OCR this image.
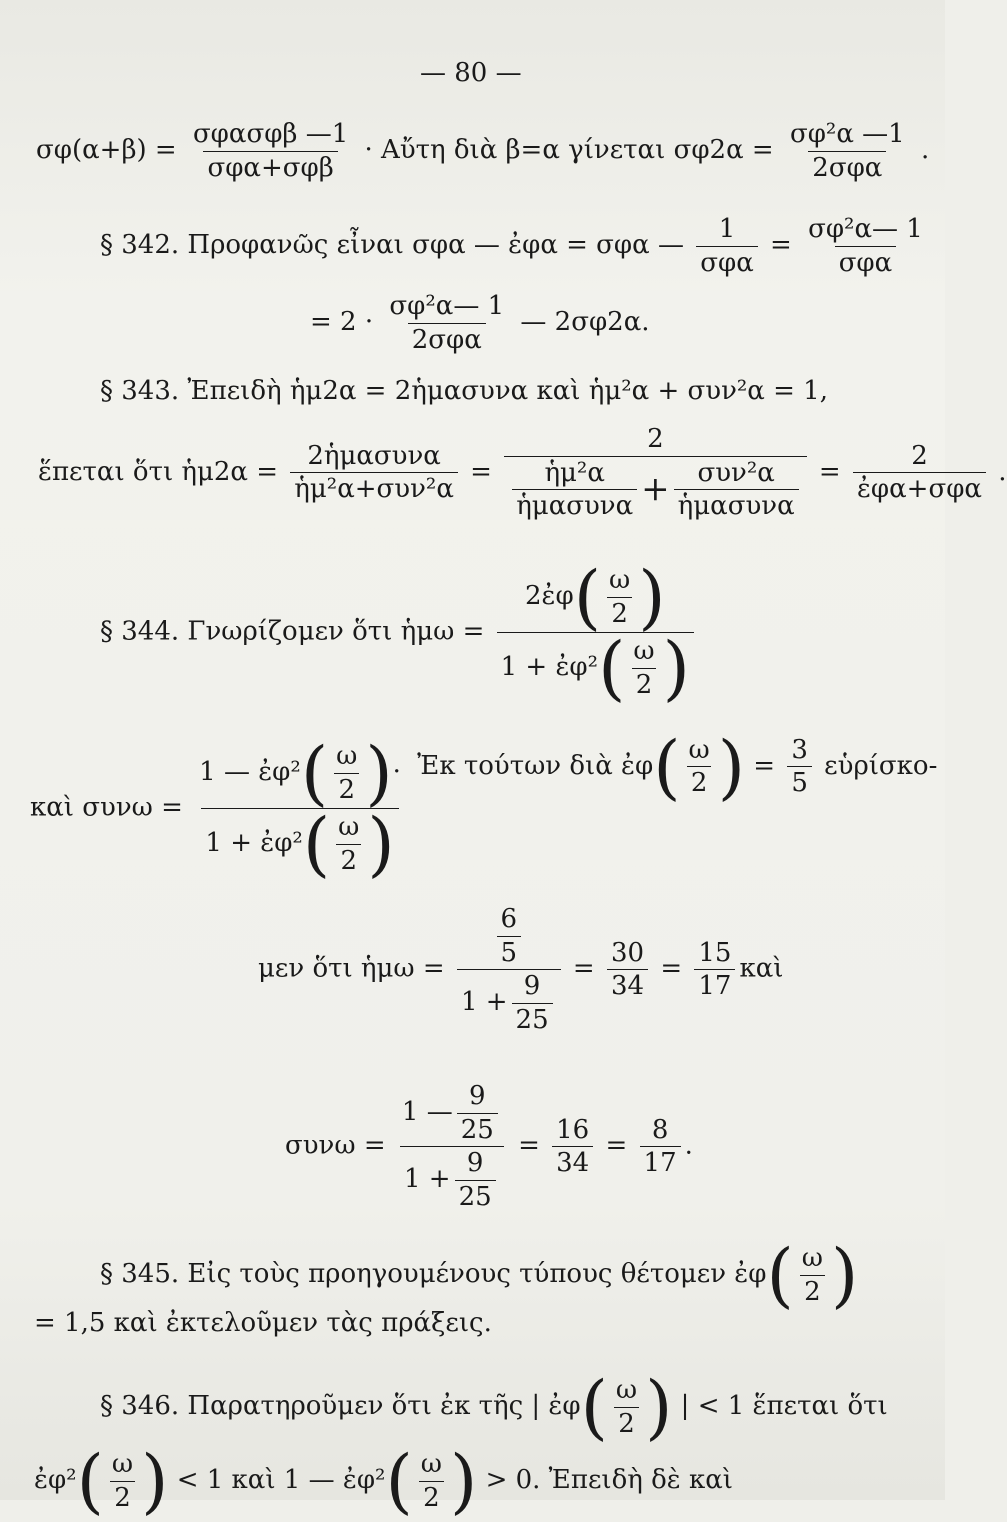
— 80 —
$\sigma\varphi(\alpha+\beta) = \frac{\text{σφασφβ —1}}{\text{σφα+σφβ}}$ · Αὔτη διὰ β=α γίνεται $\sigma\varphi 2\alpha = \frac{\text{σφ²α —1}}{\text{2σφα}}$ .
§ 342. Προφανῶς εἶναι σφα — ἐφα = σφα — $\frac{1}{\text{σφα}} = \frac{\text{σφ²α— 1}}{\text{σφα}}$
= $2 \cdot \frac{\text{σφ²α— 1}}{\text{2σφα}}$ — 2σφ2α.
§ 343. Ἐπειδὴ ἡμ2α = 2ἡμασυνα καὶ ἡμ²α + συν²α = 1,
ἕπεται ὅτι ἡμ2α = $\frac{\text{2ἡμασυνα}}{\text{ἡμ²α+συν²α}} = \frac{2}{\frac{\text{ἡμ²α}}{\text{ἡμασυνα}} + \frac{\text{συν²α}}{\text{ἡμασυνα}}} = \frac{2}{\text{ἐφα+σφα}}$ .
§ 344. Γνωρίζομεν ὅτι ἡμω = $\frac{2ἐ\varphi( \frac{\omega}{2} )}{1 + ἐ\varphi^2( \frac{\omega}{2} )}$
καὶ $\sigma\upsilon\nu\omega = \frac{1 — ἐ\varphi^2( \frac{\omega}{2} )\cdot}{1 + ἐ\varphi^2( \frac{\omega}{2} )}$ Ἐκ τούτων διὰ ἐφ( $\frac{\omega}{2}$ ) = $\frac{3}{5}$ εὑρίσκο-
μεν ὅτι ἡμω = $\frac{\frac{6}{5}}{1 + \frac{9}{25}} = \frac{30}{34} = \frac{15}{17}$ καὶ
$\sigma\upsilon\nu\omega = \frac{1 — \frac{9}{25}}{1 + \frac{9}{25}} = \frac{16}{34} = \frac{8}{17}$ .
§ 345. Εἰς τοὺς προηγουμένους τύπους θέτομεν ἐφ( $\frac{\omega}{2}$ )
= 1,5 καὶ ἐκτελοῦμεν τὰς πράξεις.
§ 346. Παρατηροῦμεν ὅτι ἐκ τῆς | ἐφ( $\frac{\omega}{2}$ ) | < 1 ἕπεται ὅτι
ἐφ²( $\frac{\omega}{2}$ ) < 1 καὶ 1 — ἐφ²( $\frac{\omega}{2}$ ) > 0. Ἐπειδὴ δὲ καὶ
